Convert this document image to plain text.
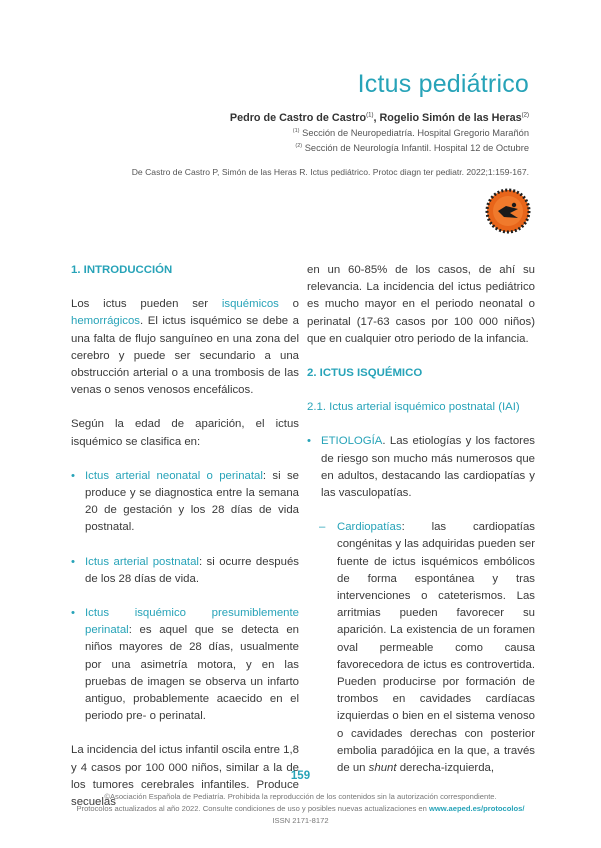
Ictus pediátrico
Pedro de Castro de Castro$^{(1)}$, Rogelio Simón de las Heras$^{(2)}$
$^{(1)}$ Sección de Neuropediatría. Hospital Gregorio Marañón
$^{(2)}$ Sección de Neurología Infantil. Hospital 12 de Octubre
De Castro de Castro P, Simón de las Heras R. Ictus pediátrico. Protoc diagn ter pediatr. 2022;1:159-167.
1. INTRODUCCIÓN

Los ictus pueden ser isquémicos o hemorrágicos. El ictus isquémico se debe a una falta de flujo sanguíneo en una zona del cerebro y puede ser secundario a una obstrucción arterial o a una trombosis de las venas o senos venosos encefálicos.

Según la edad de aparición, el ictus isquémico se clasifica en:

• Ictus arterial neonatal o perinatal: si se produce y se diagnostica entre la semana 20 de gestación y los 28 días de vida postnatal.
• Ictus arterial postnatal: si ocurre después de los 28 días de vida.
• Ictus isquémico presumiblemente perinatal: es aquel que se detecta en niños mayores de 28 días, usualmente por una asimetría motora, y en las pruebas de imagen se observa un infarto antiguo, probablemente acaecido en el periodo pre- o perinatal.

La incidencia del ictus infantil oscila entre 1,8 y 4 casos por 100 000 niños, similar a la de los tumores cerebrales infantiles. Produce secuelas

en un 60-85% de los casos, de ahí su relevancia. La incidencia del ictus pediátrico es mucho mayor en el periodo neonatal o perinatal (17-63 casos por 100 000 niños) que en cualquier otro periodo de la infancia.

2. ICTUS ISQUÉMICO
2.1. Ictus arterial isquémico postnatal (IAI)
• ETIOLOGÍA. Las etiologías y los factores de riesgo son mucho más numerosos que en adultos, destacando las cardiopatías y las vasculopatías.
– Cardiopatías: las cardiopatías congénitas y las adquiridas pueden ser fuente de ictus isquémicos embólicos de forma espontánea y tras intervenciones o cateterismos. Las arritmias pueden favorecer su aparición. La existencia de un foramen oval permeable como causa favorecedora de ictus es controvertida. Pueden producirse por formación de trombos en cavidades cardíacas izquierdas o bien en el sistema venoso o cavidades derechas con posterior embolia paradójica en la que, a través de un shunt derecha-izquierda,
159
©Asociación Española de Pediatría. Prohibida la reproducción de los contenidos sin la autorización correspondiente.
Protocolos actualizados al año 2022. Consulte condiciones de uso y posibles nuevas actualizaciones en www.aeped.es/protocolos/
ISSN 2171-8172
